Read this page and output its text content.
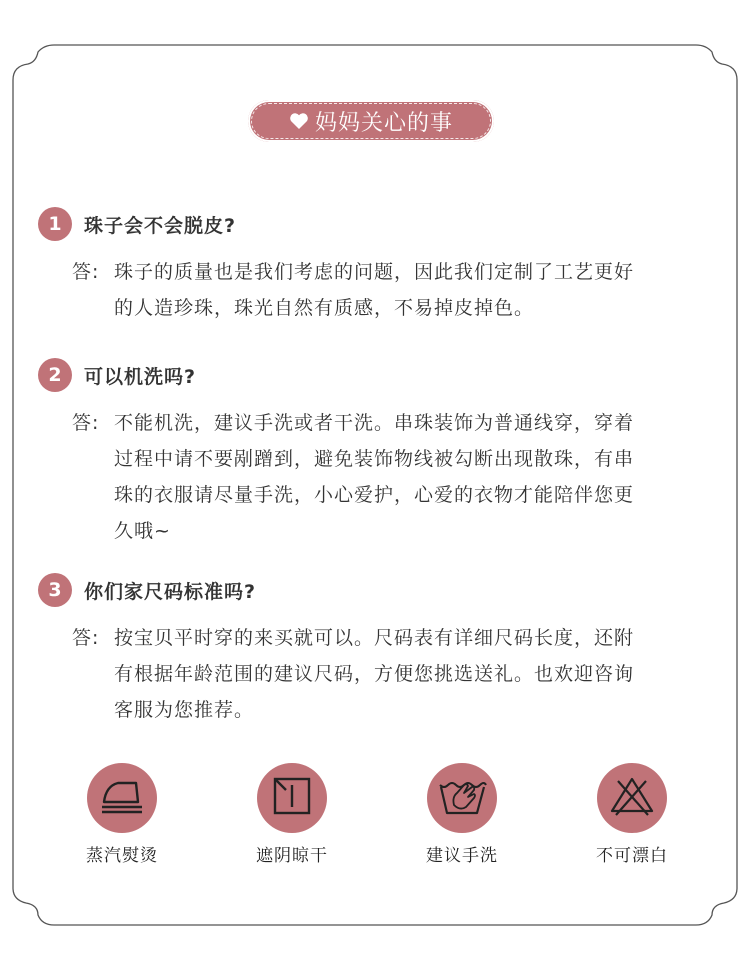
妈妈关心的事
1	珠子会不会脱皮?
答: 珠子的质量也是我们考虑的问题，因此我们定制了工艺更好
的人造珍珠，珠光自然有质感，不易掉皮掉色。
2	可以机洗吗?
答: 不能机洗，建议手洗或者干洗。串珠装饰为普通线穿，穿着
过程中请不要剐蹭到，避免装饰物线被勾断出现散珠，有串
珠的衣服请尽量手洗，小心爱护，心爱的衣物才能陪伴您更
久哦~
3	你们家尺码标准吗?
答: 按宝贝平时穿的来买就可以。尺码表有详细尺码长度，还附
有根据年龄范围的建议尺码，方便您挑选送礼。也欢迎咨询
客服为您推荐。
蒸汽熨烫	遮阴晾干	建议手洗	不可漂白
